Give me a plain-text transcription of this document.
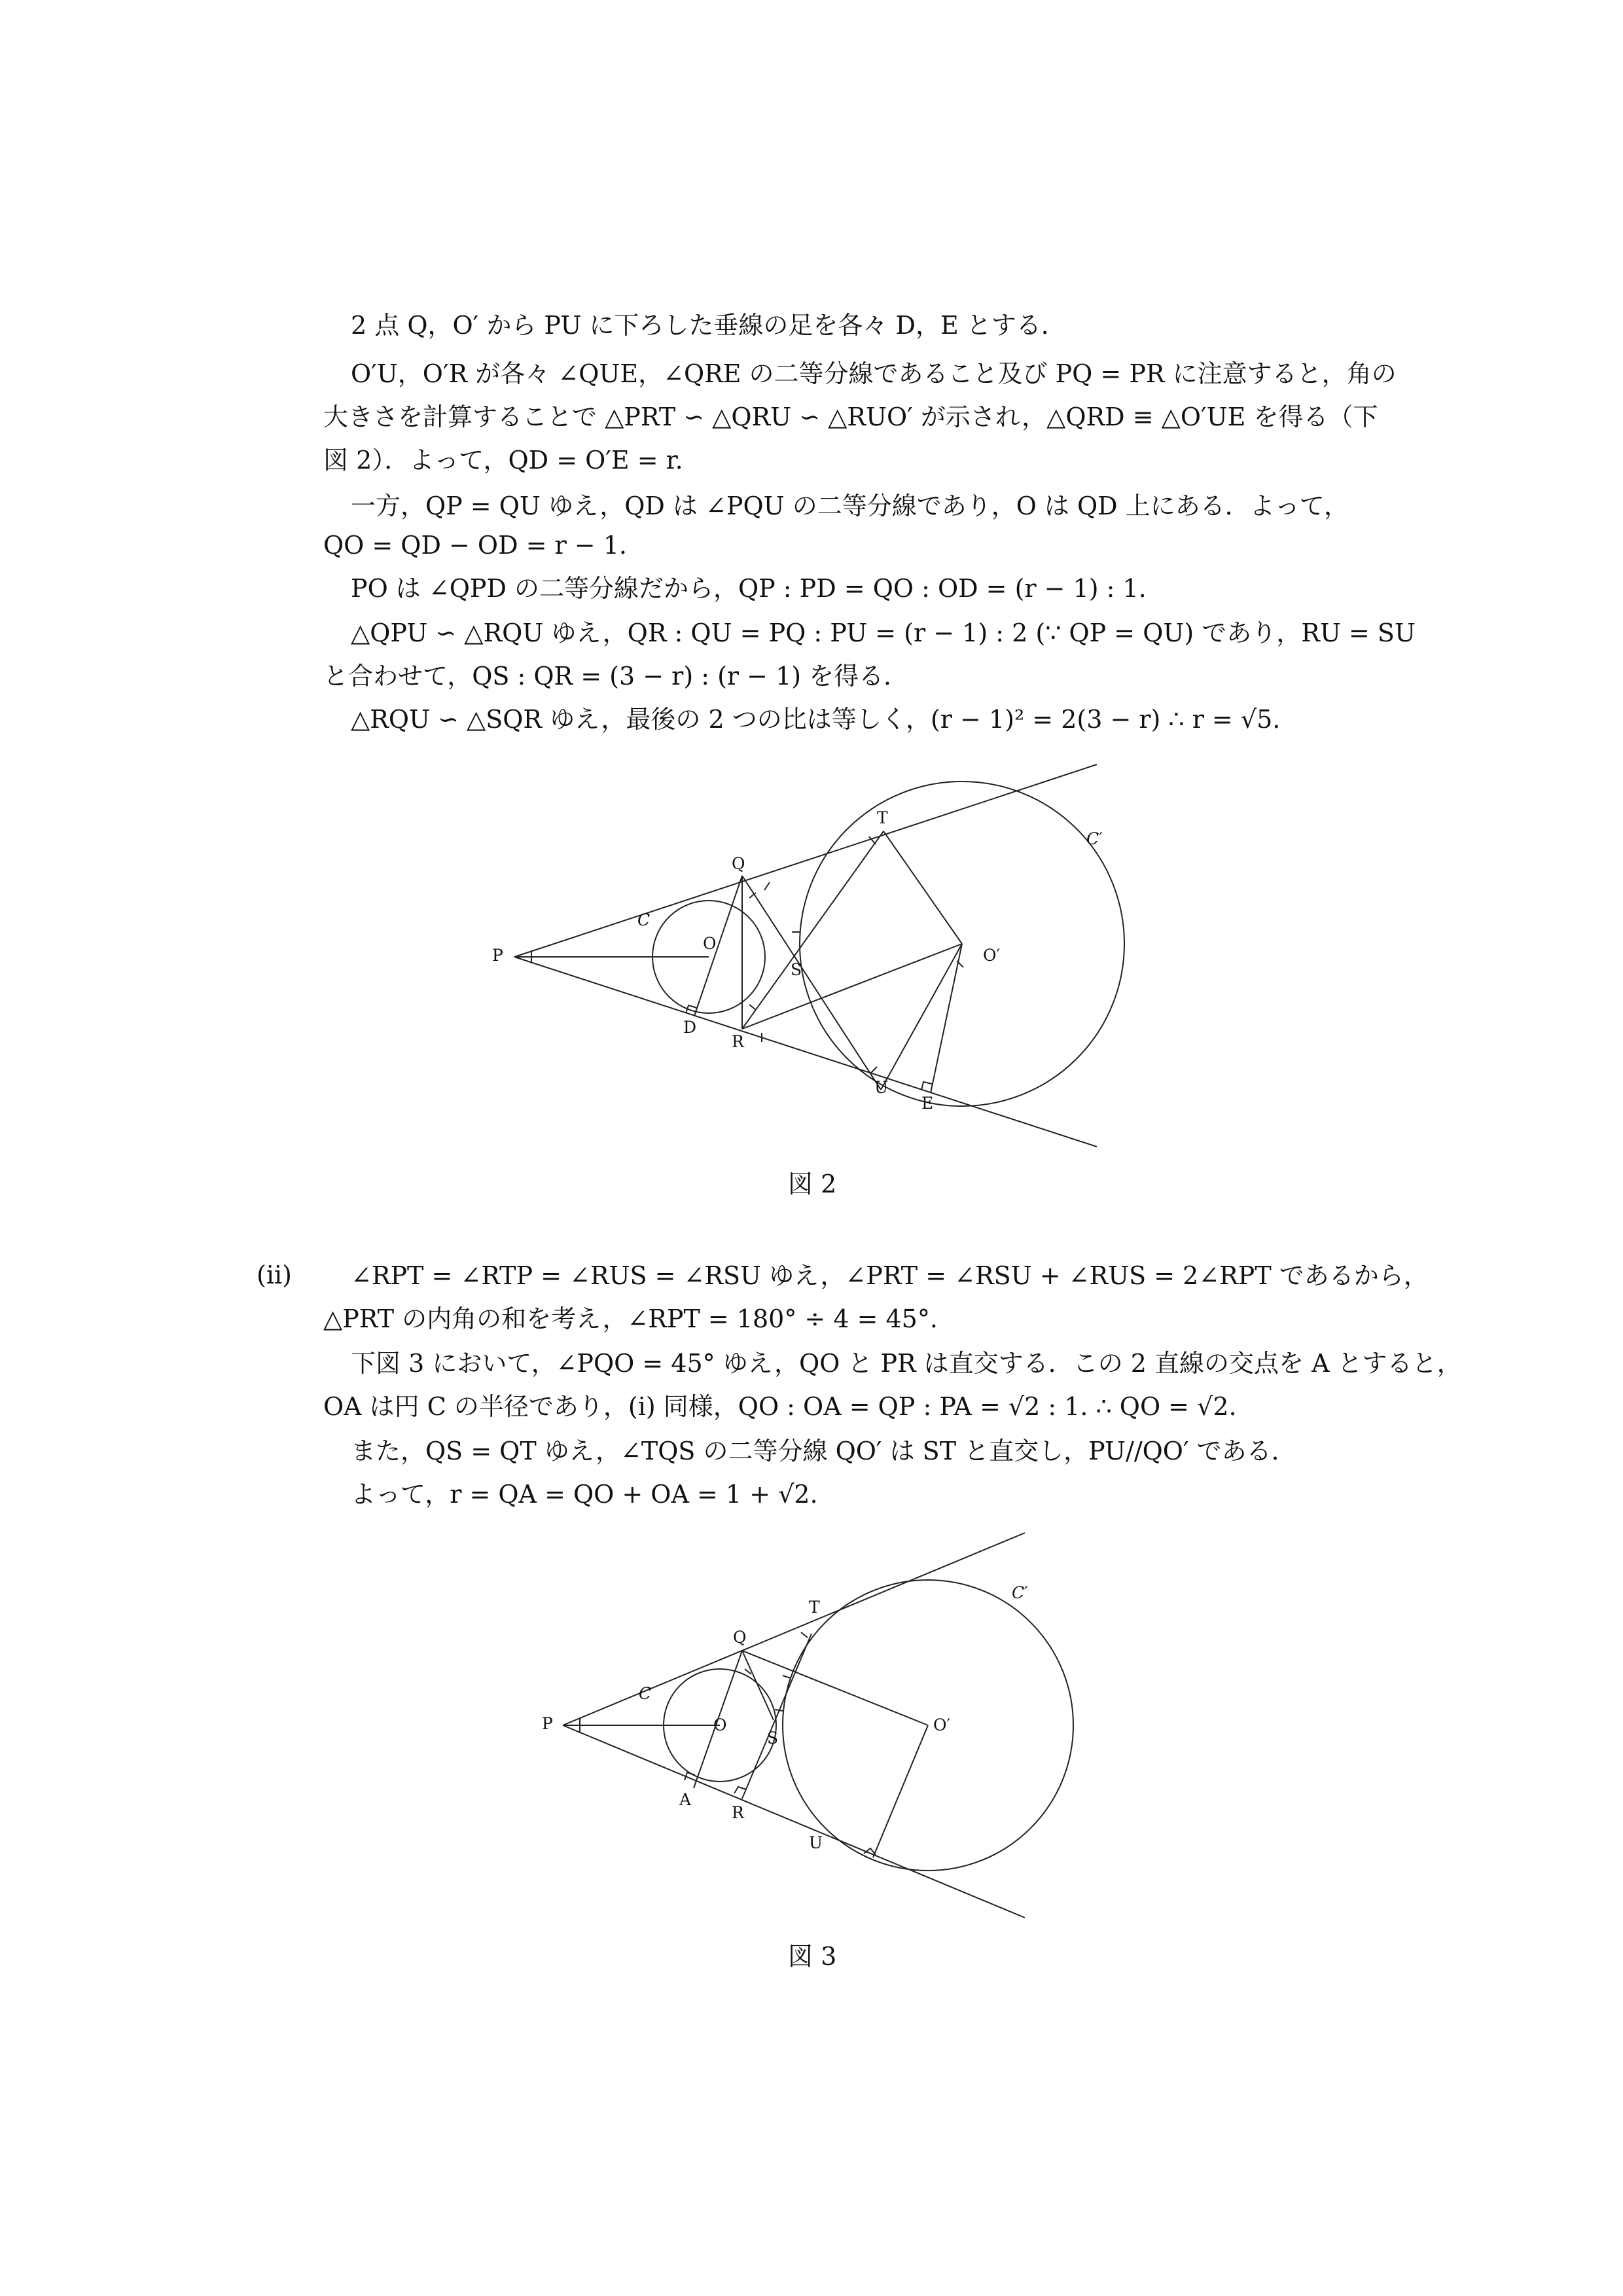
2 点 Q，O′ から PU に下ろした垂線の足を各々 D，E とする．
O′U，O′R が各々 ∠QUE，∠QRE の二等分線であること及び PQ = PR に注意すると，角の
大きさを計算することで △PRT ∽ △QRU ∽ △RUO′ が示され，△QRD ≡ △O′UE を得る（下
図 2）．よって，QD = O′E = r.
一方，QP = QU ゆえ，QD は ∠PQU の二等分線であり，O は QD 上にある．よって，
QO = QD − OD = r − 1.
PO は ∠QPD の二等分線だから，QP : PD = QO : OD = (r − 1) : 1.
△QPU ∽ △RQU ゆえ，QR : QU = PQ : PU = (r − 1) : 2 (∵ QP = QU) であり，RU = SU
と合わせて，QS : QR = (3 − r) : (r − 1) を得る．
△RQU ∽ △SQR ゆえ，最後の 2 つの比は等しく，(r − 1)² = 2(3 − r) ∴ r = √5.
P
Q
R
S
T
U
O
O′
D
E
C
C′
図 2
(ii) ∠RPT = ∠RTP = ∠RUS = ∠RSU ゆえ，∠PRT = ∠RSU + ∠RUS = 2∠RPT であるから，
△PRT の内角の和を考え，∠RPT = 180° ÷ 4 = 45°.
下図 3 において，∠PQO = 45° ゆえ，QO と PR は直交する．この 2 直線の交点を A とすると，
OA は円 C の半径であり，(i) 同様，QO : OA = QP : PA = √2 : 1. ∴ QO = √2.
また，QS = QT ゆえ，∠TQS の二等分線 QO′ は ST と直交し，PU//QO′ である．
よって，r = QA = QO + OA = 1 + √2.
P
Q
R
S
T
U
O	O′
A
C
C′
図 3
